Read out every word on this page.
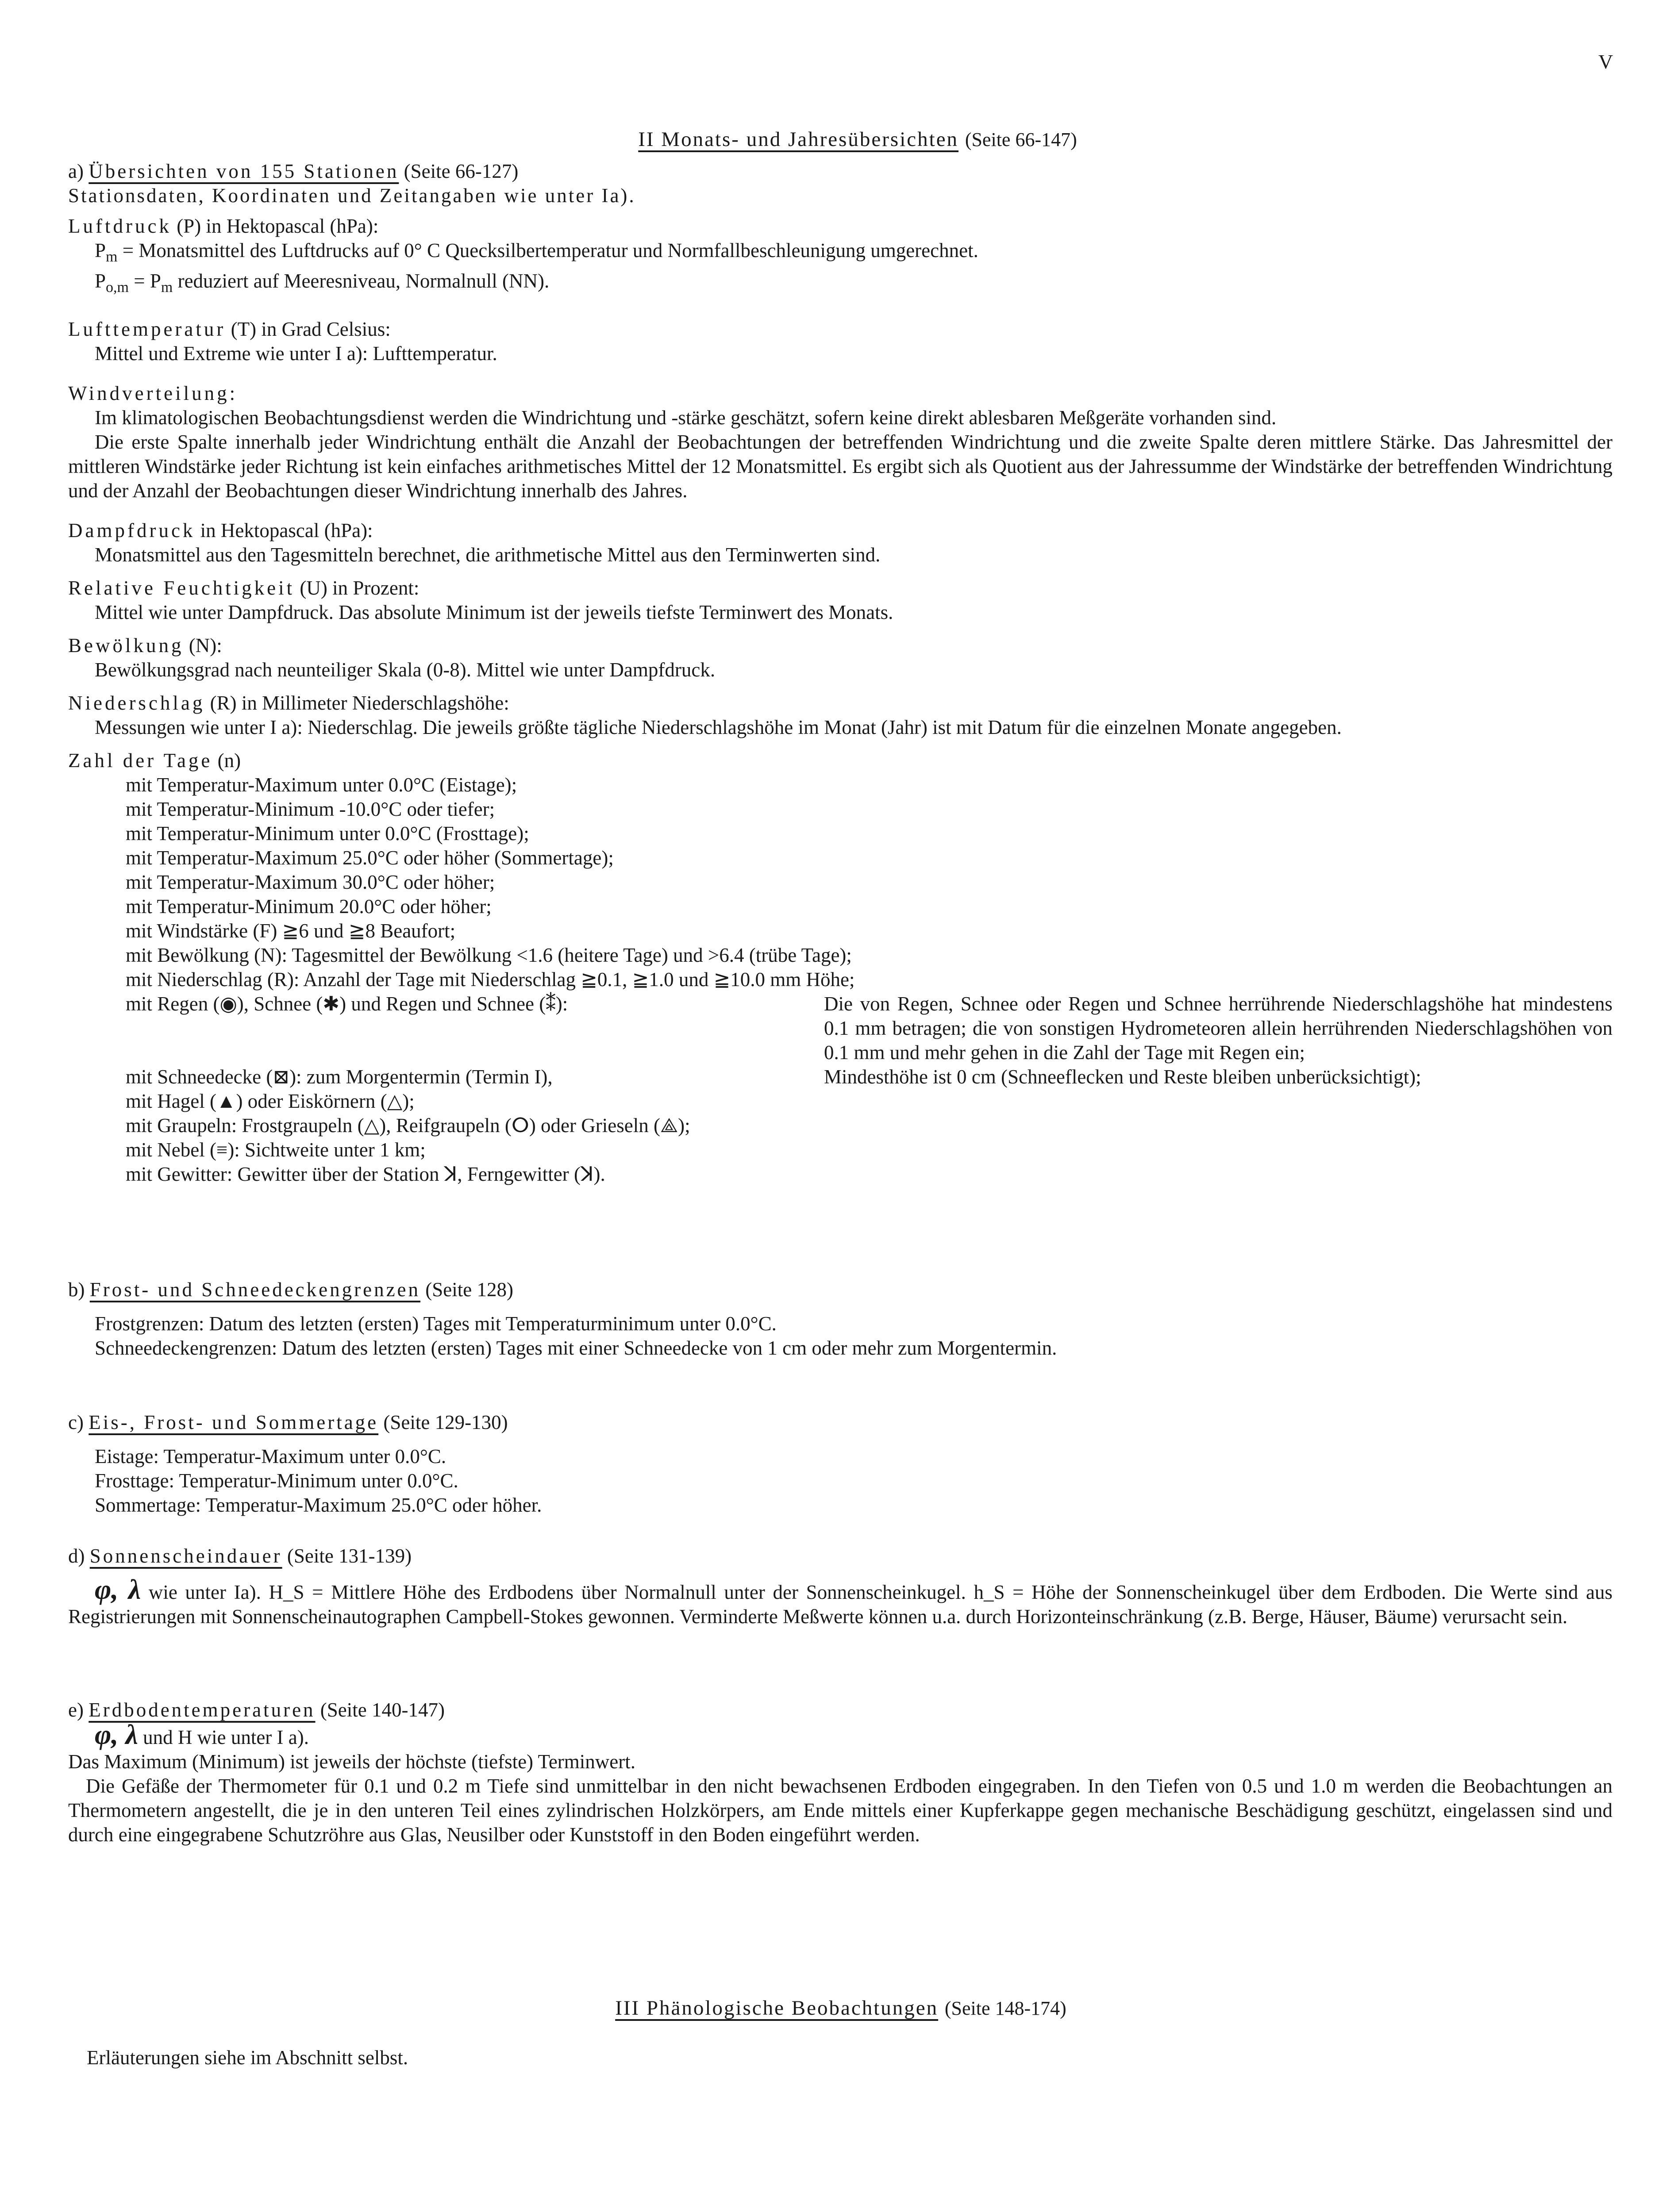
V
II Monats- und Jahresübersichten (Seite 66-147)

a) Übersichten von 155 Stationen (Seite 66-127)

Stationsdaten, Koordinaten und Zeitangaben wie unter Ia).

Luftdruck (P) in Hektopascal (hPa):

$P_m$ = Monatsmittel des Luftdrucks auf 0° C Quecksilbertemperatur und Normfallbeschleunigung umgerechnet.

$P_{o,m} = P_m$ reduziert auf Meeresniveau, Normalnull (NN).

Lufttemperatur (T) in Grad Celsius:

Mittel und Extreme wie unter I a): Lufttemperatur.

Windverteilung:

Im klimatologischen Beobachtungsdienst werden die Windrichtung und -stärke geschätzt, sofern keine direkt ablesbaren Meßgeräte vorhanden sind.

Die erste Spalte innerhalb jeder Windrichtung enthält die Anzahl der Beobachtungen der betreffenden Windrichtung und die zweite Spalte deren mittlere Stärke. Das Jahresmittel der mittleren Windstärke jeder Richtung ist kein einfaches arithmetisches Mittel der 12 Monatsmittel. Es ergibt sich als Quotient aus der Jahressumme der Windstärke der betreffenden Windrichtung und der Anzahl der Beobachtungen dieser Windrichtung innerhalb des Jahres.

Dampfdruck in Hektopascal (hPa):

Monatsmittel aus den Tagesmitteln berechnet, die arithmetische Mittel aus den Terminwerten sind.

Relative Feuchtigkeit (U) in Prozent:

Mittel wie unter Dampfdruck. Das absolute Minimum ist der jeweils tiefste Terminwert des Monats.

Bewölkung (N):

Bewölkungsgrad nach neunteiliger Skala (0-8). Mittel wie unter Dampfdruck.

Niederschlag (R) in Millimeter Niederschlagshöhe:

Messungen wie unter I a): Niederschlag. Die jeweils größte tägliche Niederschlagshöhe im Monat (Jahr) ist mit Datum für die einzelnen Monate angegeben.

Zahl der Tage (n)

mit Temperatur-Maximum unter 0.0°C (Eistage);

mit Temperatur-Minimum -10.0°C oder tiefer;

mit Temperatur-Minimum unter 0.0°C (Frosttage);

mit Temperatur-Maximum 25.0°C oder höher (Sommertage);

mit Temperatur-Maximum 30.0°C oder höher;

mit Temperatur-Minimum 20.0°C oder höher;

mit Windstärke (F) ≧6 und ≧8 Beaufort;

mit Bewölkung (N): Tagesmittel der Bewölkung <1.6 (heitere Tage) und >6.4 (trübe Tage);

mit Niederschlag (R): Anzahl der Tage mit Niederschlag ≧0.1, ≧1.0 und ≧10.0 mm Höhe;

mit Regen (◉), Schnee (✱) und Regen und Schnee (⁑):	Die von Regen, Schnee oder Regen und Schnee herrührende Niederschlagshöhe hat mindestens 0.1 mm betragen; die von sonstigen Hydrometeoren allein herrührenden Niederschlagshöhen von 0.1 mm und mehr gehen in die Zahl der Tage mit Regen ein;
mit Schneedecke (⊠): zum Morgentermin (Termin I),	Mindesthöhe ist 0 cm (Schneeflecken und Reste bleiben unberücksichtigt);

mit Hagel (▲) oder Eiskörnern (△);

mit Graupeln: Frostgraupeln (△), Reifgraupeln (ⵔ) oder Grieseln (⟁);

mit Nebel (≡): Sichtweite unter 1 km;

mit Gewitter: Gewitter über der Station ꓘ, Ferngewitter (ꓘ).

b) Frost- und Schneedeckengrenzen (Seite 128)

Frostgrenzen: Datum des letzten (ersten) Tages mit Temperaturminimum unter 0.0°C.

Schneedeckengrenzen: Datum des letzten (ersten) Tages mit einer Schneedecke von 1 cm oder mehr zum Morgentermin.

c) Eis-, Frost- und Sommertage (Seite 129-130)

Eistage: Temperatur-Maximum unter 0.0°C.

Frosttage: Temperatur-Minimum unter 0.0°C.

Sommertage: Temperatur-Maximum 25.0°C oder höher.

d) Sonnenscheindauer (Seite 131-139)

φ, λ wie unter Ia). H_S = Mittlere Höhe des Erdbodens über Normalnull unter der Sonnenscheinkugel. h_S = Höhe der Sonnenscheinkugel über dem Erdboden. Die Werte sind aus Registrierungen mit Sonnenscheinautographen Campbell-Stokes gewonnen. Verminderte Meßwerte können u.a. durch Horizonteinschränkung (z.B. Berge, Häuser, Bäume) verursacht sein.

e) Erdbodentemperaturen (Seite 140-147)

φ, λ und H wie unter I a).

Das Maximum (Minimum) ist jeweils der höchste (tiefste) Terminwert.

Die Gefäße der Thermometer für 0.1 und 0.2 m Tiefe sind unmittelbar in den nicht bewachsenen Erdboden eingegraben. In den Tiefen von 0.5 und 1.0 m werden die Beobachtungen an Thermometern angestellt, die je in den unteren Teil eines zylindrischen Holzkörpers, am Ende mittels einer Kupferkappe gegen mechanische Beschädigung geschützt, eingelassen sind und durch eine eingegrabene Schutzröhre aus Glas, Neusilber oder Kunststoff in den Boden eingeführt werden.

III Phänologische Beobachtungen (Seite 148-174)
Erläuterungen siehe im Abschnitt selbst.
